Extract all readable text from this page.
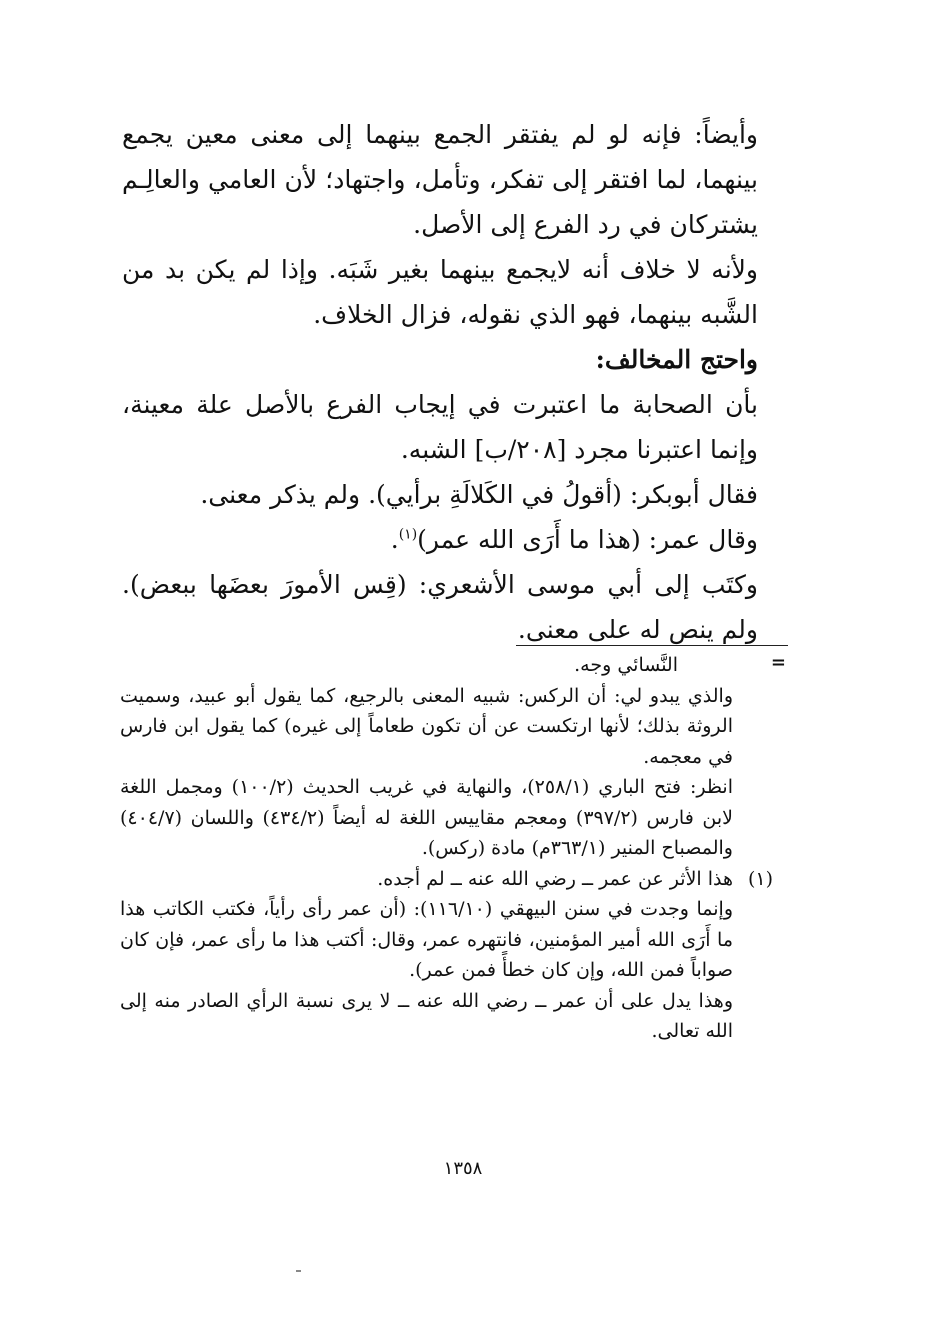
وأيضاً: فإنه لو لم يفتقر الجمع بينهما إلى معنى معين يجمع بينهما، لما افتقر إلى تفكر، وتأمل، واجتهاد؛ لأن العامي والعالِـم يشتركان في رد الفرع إلى الأصل.

ولأنه لا خلاف أنه لايجمع بينهما بغير شَبَه. وإذا لم يكن بد من الشَّبه بينهما، فهو الذي نقوله، فزال الخلاف.

واحتج المخالف:

بأن الصحابة ما اعتبرت في إيجاب الفرع بالأصل علة معينة، وإنما اعتبرنا مجرد [٢٠٨/ب] الشبه.

فقال أبوبكر: (أقولُ في الكَلالَةِ برأيي). ولم يذكر معنى.

وقال عمر: (هذا ما أَرَى الله عمر)$^{(١)}$.

وكتَب إلى أبي موسى الأشعري: (قِس الأمورَ بعضَها ببعض). ولم ينص له على معنى.

=

النَّسائي وجه.

والذي يبدو لي: أن الركس: شبيه المعنى بالرجيع، كما يقول أبو عبيد، وسميت الروثة بذلك؛ لأنها ارتكست عن أن تكون طعاماً إلى غيره) كما يقول ابن فارس في معجمه.

انظر: فتح الباري (٢٥٨/١)، والنهاية في غريب الحديث (١٠٠/٢) ومجمل اللغة لابن فارس (٣٩٧/٢) ومعجم مقاييس اللغة له أيضاً (٤٣٤/٢) واللسان (٤٠٤/٧) والمصباح المنير (٣٦٣/١م) مادة (ركس).

(١)
هذا الأثر عن عمر ــ رضي الله عنه ــ لم أجده.

وإنما وجدت في سنن البيهقي (١١٦/١٠): (أن عمر رأى رأياً، فكتب الكاتب هذا ما أَرَى الله أمير المؤمنين، فانتهره عمر، وقال: أكتب هذا ما رأى عمر، فإن كان صواباً فمن الله، وإن كان خطأً فمن عمر).

وهذا يدل على أن عمر ــ رضي الله عنه ــ لا يرى نسبة الرأي الصادر منه إلى الله تعالى.

١٣٥٨
